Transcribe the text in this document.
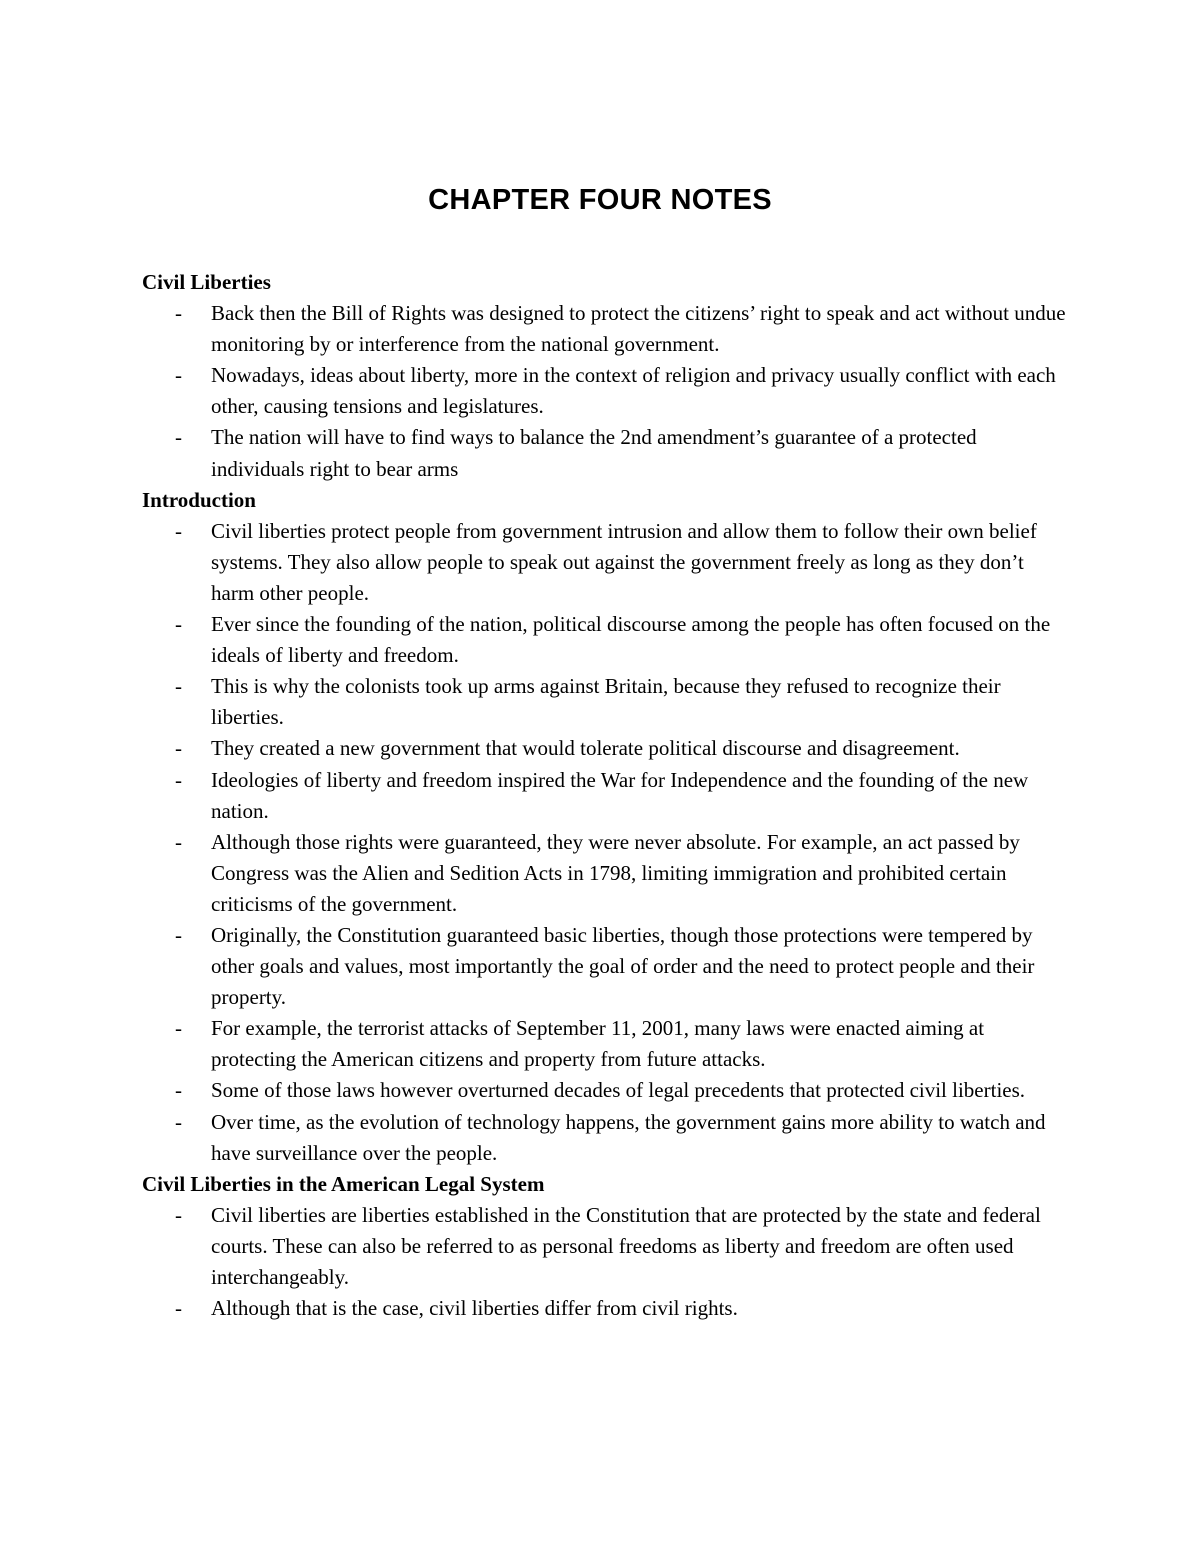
CHAPTER FOUR NOTES

Civil Liberties

- Back then the Bill of Rights was designed to protect the citizens’ right to speak and act without undue monitoring by or interference from the national government.
- Nowadays, ideas about liberty, more in the context of religion and privacy usually conflict with each other, causing tensions and legislatures.
- The nation will have to find ways to balance the 2nd amendment’s guarantee of a protected individuals right to bear arms

Introduction

- Civil liberties protect people from government intrusion and allow them to follow their own belief systems. They also allow people to speak out against the government freely as long as they don’t harm other people.
- Ever since the founding of the nation, political discourse among the people has often focused on the ideals of liberty and freedom.
- This is why the colonists took up arms against Britain, because they refused to recognize their liberties.
- They created a new government that would tolerate political discourse and disagreement.
- Ideologies of liberty and freedom inspired the War for Independence and the founding of the new nation.
- Although those rights were guaranteed, they were never absolute. For example, an act passed by Congress was the Alien and Sedition Acts in 1798, limiting immigration and prohibited certain criticisms of the government.
- Originally, the Constitution guaranteed basic liberties, though those protections were tempered by other goals and values, most importantly the goal of order and the need to protect people and their property.
- For example, the terrorist attacks of September 11, 2001, many laws were enacted aiming at protecting the American citizens and property from future attacks.
- Some of those laws however overturned decades of legal precedents that protected civil liberties.
- Over time, as the evolution of technology happens, the government gains more ability to watch and have surveillance over the people.

Civil Liberties in the American Legal System

- Civil liberties are liberties established in the Constitution that are protected by the state and federal courts. These can also be referred to as personal freedoms as liberty and freedom are often used interchangeably.
- Although that is the case, civil liberties differ from civil rights.
